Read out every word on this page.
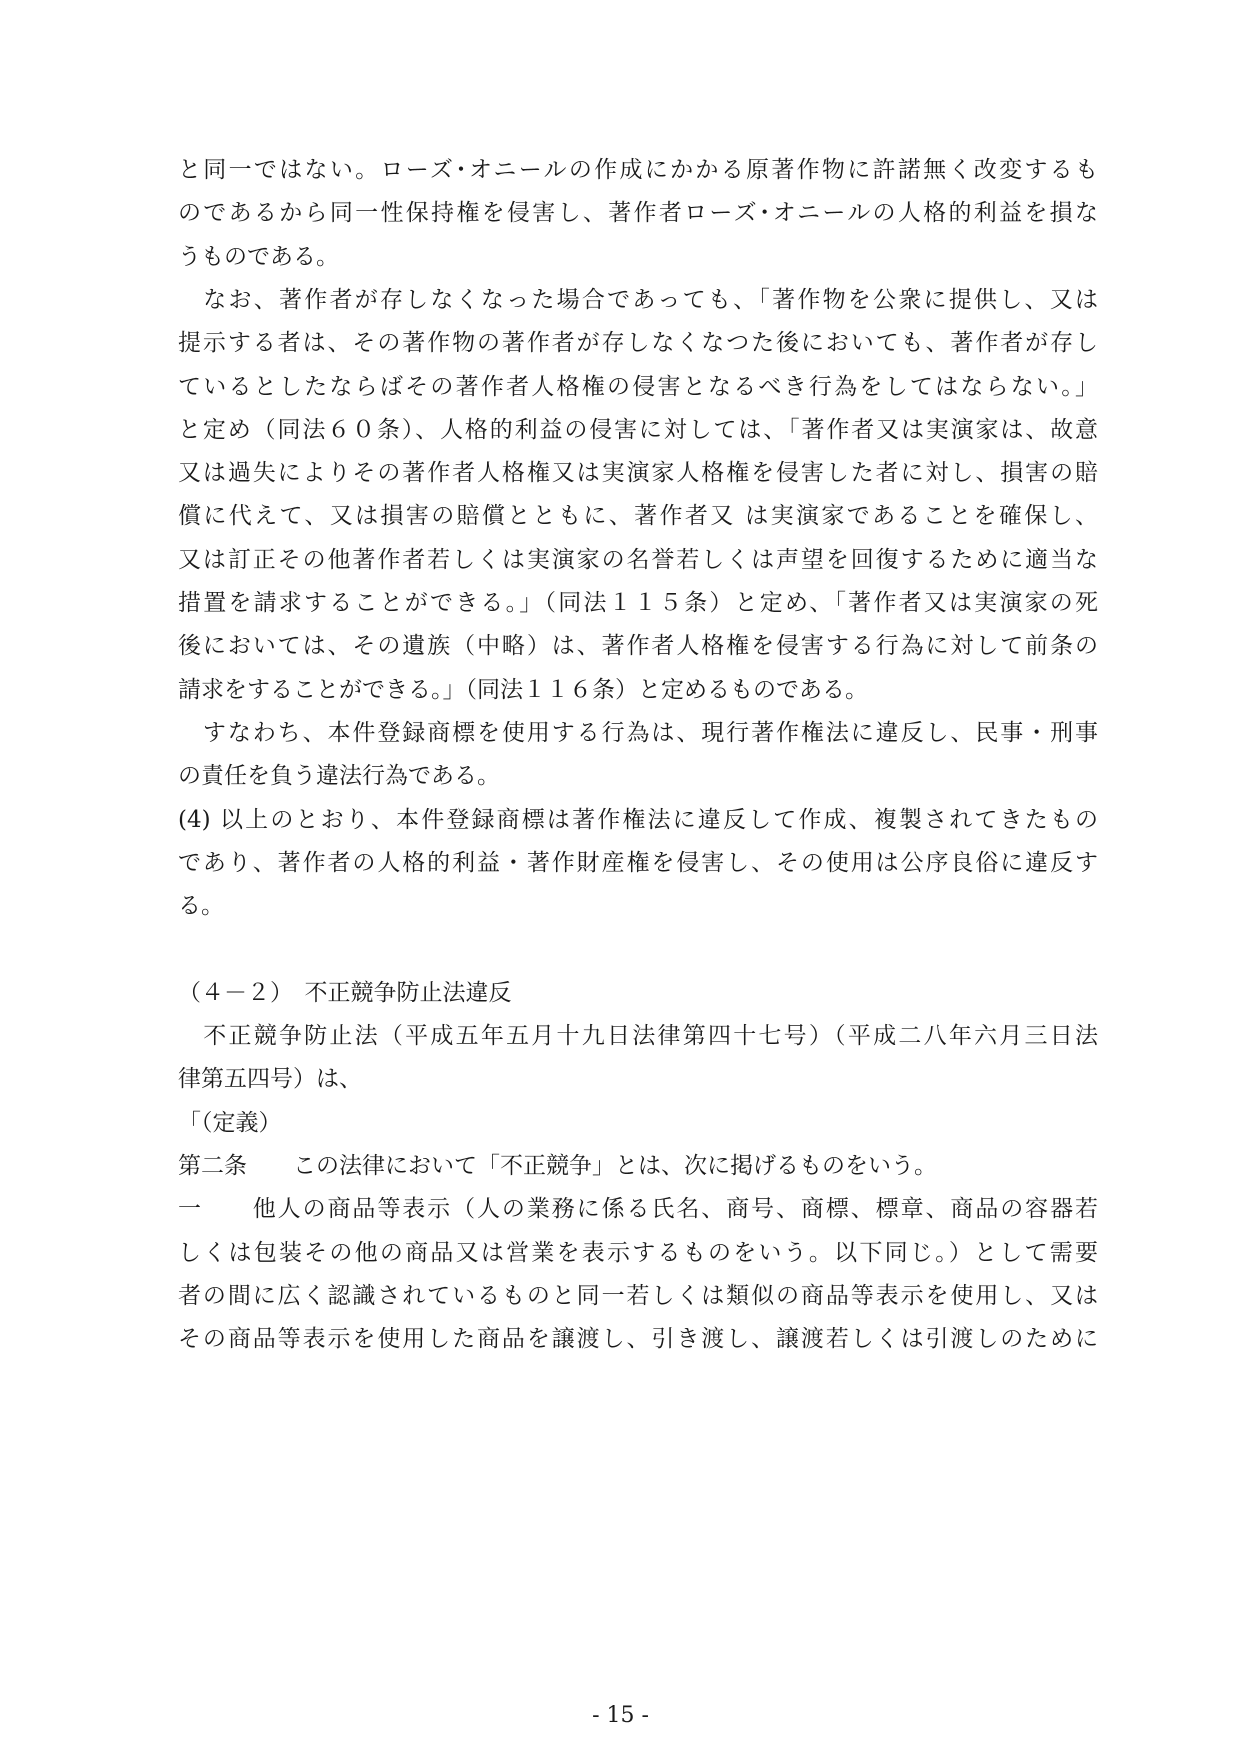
と同一ではない。ローズ･オニールの作成にかかる原著作物に許諾無く改変するも
のであるから同一性保持権を侵害し、著作者ローズ･オニールの人格的利益を損な
うものである。
　なお、著作者が存しなくなった場合であっても、「著作物を公衆に提供し、又は
提示する者は、その著作物の著作者が存しなくなつた後においても、著作者が存し
ているとしたならばその著作者人格権の侵害となるべき行為をしてはならない。」
と定め（同法６０条）、人格的利益の侵害に対しては、「著作者又は実演家は、故意
又は過失によりその著作者人格権又は実演家人格権を侵害した者に対し、損害の賠
償に代えて、又は損害の賠償とともに、著作者又 は実演家であることを確保し、
又は訂正その他著作者若しくは実演家の名誉若しくは声望を回復するために適当な
措置を請求することができる。」（同法１１５条）と定め、「著作者又は実演家の死
後においては、その遺族（中略）は、著作者人格権を侵害する行為に対して前条の
請求をすることができる。」（同法１１６条）と定めるものである。
　すなわち、本件登録商標を使用する行為は、現行著作権法に違反し、民事・刑事
の責任を負う違法行為である。
(4) 以上のとおり、本件登録商標は著作権法に違反して作成、複製されてきたもの
であり、著作者の人格的利益・著作財産権を侵害し、その使用は公序良俗に違反す
る。
（４－２）　不正競争防止法違反
　不正競争防止法（平成五年五月十九日法律第四十七号）（平成二八年六月三日法
律第五四号）は、
「（定義）
第二条　　この法律において「不正競争」とは、次に掲げるものをいう。
一　　他人の商品等表示（人の業務に係る氏名、商号、商標、標章、商品の容器若
しくは包装その他の商品又は営業を表示するものをいう。以下同じ。）として需要
者の間に広く認識されているものと同一若しくは類似の商品等表示を使用し、又は
その商品等表示を使用した商品を譲渡し、引き渡し、譲渡若しくは引渡しのために
- 15 -
